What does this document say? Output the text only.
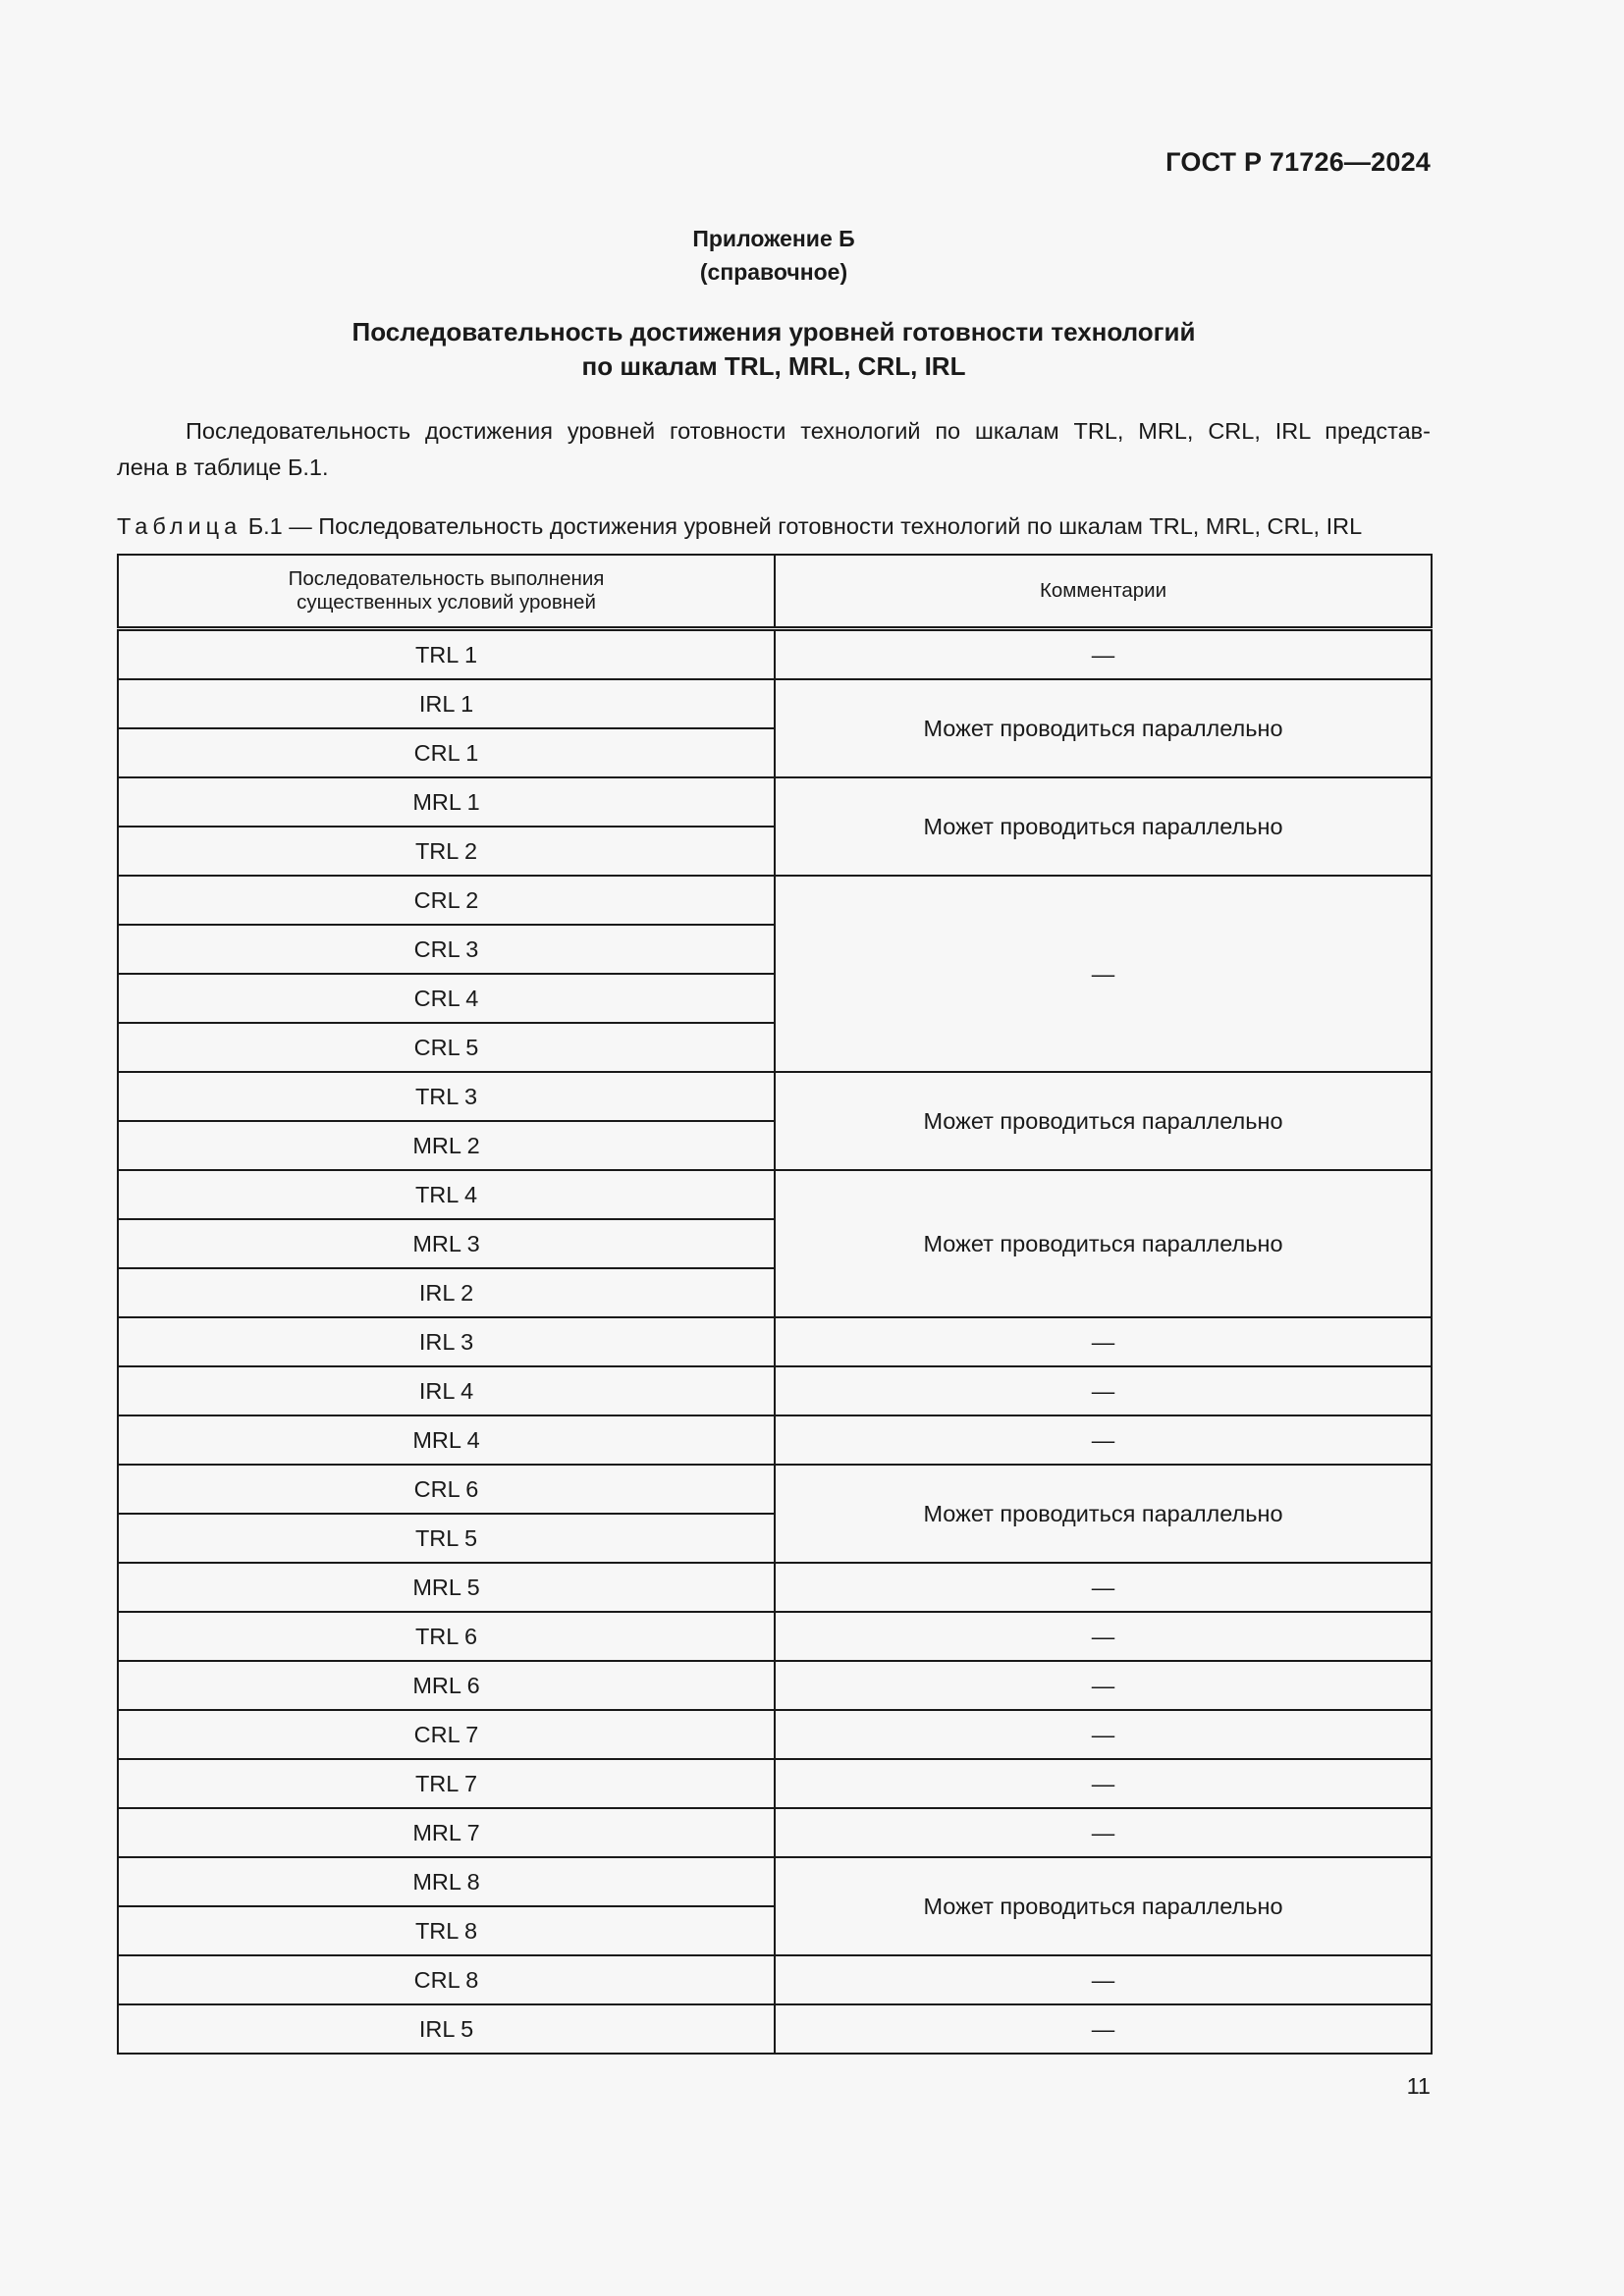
ГОСТ Р 71726—2024
Приложение Б
(справочное)
Последовательность достижения уровней готовности технологий
по шкалам TRL, MRL, CRL, IRL
Последовательность достижения уровней готовности технологий по шкалам TRL, MRL, CRL, IRL представ-
лена в таблице Б.1.
Таблица Б.1 — Последовательность достижения уровней готовности технологий по шкалам TRL, MRL, CRL, IRL
Последовательность выполнения
существенных условий уровней	Комментарии
TRL 1	—
IRL 1	Может проводиться параллельно
CRL 1	
MRL 1	Может проводиться параллельно
TRL 2	
CRL 2	—
CRL 3	
CRL 4	
CRL 5	
TRL 3	Может проводиться параллельно
MRL 2	
TRL 4	Может проводиться параллельно
MRL 3	
IRL 2	
IRL 3	—
IRL 4	—
MRL 4	—
CRL 6	Может проводиться параллельно
TRL 5	
MRL 5	—
TRL 6	—
MRL 6	—
CRL 7	—
TRL 7	—
MRL 7	—
MRL 8	Может проводиться параллельно
TRL 8	
CRL 8	—
IRL 5	—
11
